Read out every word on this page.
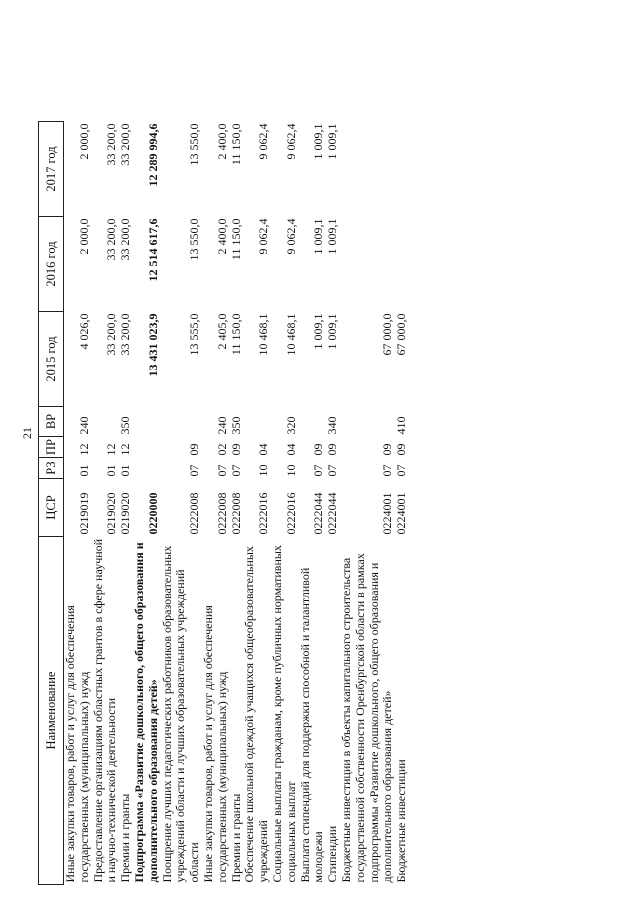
21
Наименование	ЦСР	РЗ	ПР	ВР	2015 год	2016 год	2017 год
Иные закупки товаров, работ и услуг для обеспечения государственных (муниципальных) нужд	0219019	01	12	240	4 026,0	2 000,0	2 000,0
Предоставление организациям областных грантов в сфере научной и научно-технической деятельности	0219020	01	12		33 200,0	33 200,0	33 200,0
Премии и гранты	0219020	01	12	350	33 200,0	33 200,0	33 200,0
Подпрограмма «Развитие дошкольного, общего образования и дополнительного образования детей»	0220000				13 431 023,9	12 514 617,6	12 289 994,6
Поощрение лучших педагогических работников образовательных учреждений области и лучших образовательных учреждений области	0222008	07	09		13 555,0	13 550,0	13 550,0
Иные закупки товаров, работ и услуг для обеспечения государственных (муниципальных) нужд	0222008	07	02	240	2 405,0	2 400,0	2 400,0
Премии и гранты	0222008	07	09	350	11 150,0	11 150,0	11 150,0
Обеспечение школьной одеждой учащихся общеобразовательных учреждений	0222016	10	04		10 468,1	9 062,4	9 062,4
Социальные выплаты гражданам, кроме публичных нормативных социальных выплат	0222016	10	04	320	10 468,1	9 062,4	9 062,4
Выплата стипендий для поддержки способной и талантливой молодежи	0222044	07	09		1 009,1	1 009,1	1 009,1
Стипендии	0222044	07	09	340	1 009,1	1 009,1	1 009,1
Бюджетные инвестиции в объекты капитального строительства государственной собственности Оренбургской области в рамках подпрограммы «Развитие дошкольного, общего образования и дополнительного образования детей»	0224001	07	09		67 000,0		
Бюджетные инвестиции	0224001	07	09	410	67 000,0		
